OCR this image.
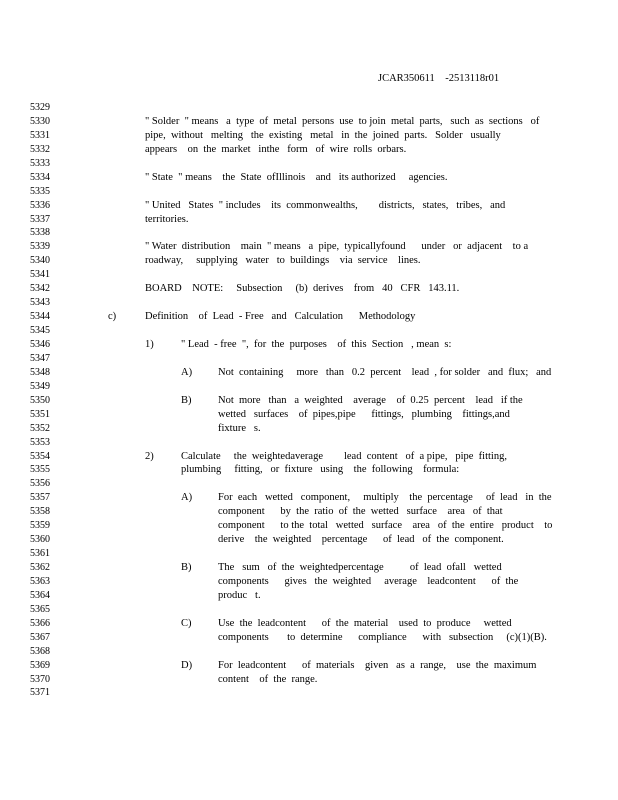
JCAR350611    -2513118r01
5329
5330	" Solder  " means   a  type  of  metal  persons  use  to join  metal  parts,   such  as  sections   of
5331	pipe,  without   melting   the  existing   metal   in  the  joined  parts.   Solder   usually
5332	appears    on  the  market   inthe   form   of  wire  rolls  orbars.
5333
5334	" State  " means    the  State  ofIllinois    and   its authorized     agencies.
5335
5336	" United   States  " includes    its  commonwealths,        districts,   states,   tribes,   and
5337	territories.
5338
5339	" Water  distribution    main  " means   a  pipe,  typicallyfound      under   or  adjacent    to a
5340	roadway,     supplying   water   to  buildings    via  service    lines.
5341
5342	BOARD    NOTE:     Subsection     (b)  derives    from   40   CFR   143.11.
5343
5344	c)	Definition    of  Lead  - Free   and   Calculation      Methodology
5345
5346	1)	" Lead  - free  ",  for  the  purposes    of  this  Section   , mean  s:
5347
5348	A) Not  containing     more   than   0.2  percent    lead  , for solder   and  flux;   and
5349
5350	B)	Not  more   than   a  weighted    average    of  0.25  percent    lead   if the
5351	wetted   surfaces    of  pipes,pipe      fittings,   plumbing    fittings,and
5352	fixture   s.
5353
5354	2)	Calculate     the  weightedaverage        lead  content   of  a pipe,   pipe  fitting,
5355	plumbing     fitting,   or  fixture   using    the  following    formula:
5356
5357	A) For  each   wetted   component,     multiply    the  percentage     of  lead   in  the
5358	component      by  the  ratio  of  the  wetted   surface    area   of  that
5359	component      to the  total   wetted   surface    area   of  the  entire   product    to
5360	derive    the  weighted    percentage      of  lead   of  the  component.
5361
5362	B)	The   sum   of  the  weightedpercentage          of  lead  ofall   wetted
5363	components      gives   the  weighted     average    leadcontent      of  the
5364	produc   t.
5365
5366	C)	Use  the  leadcontent      of  the  material    used  to  produce     wetted
5367	components       to  determine      compliance      with   subsection     (c)(1)(B).
5368
5369	D) For  leadcontent      of  materials    given   as  a  range,    use  the  maximum
5370	content    of  the  range.
5371
